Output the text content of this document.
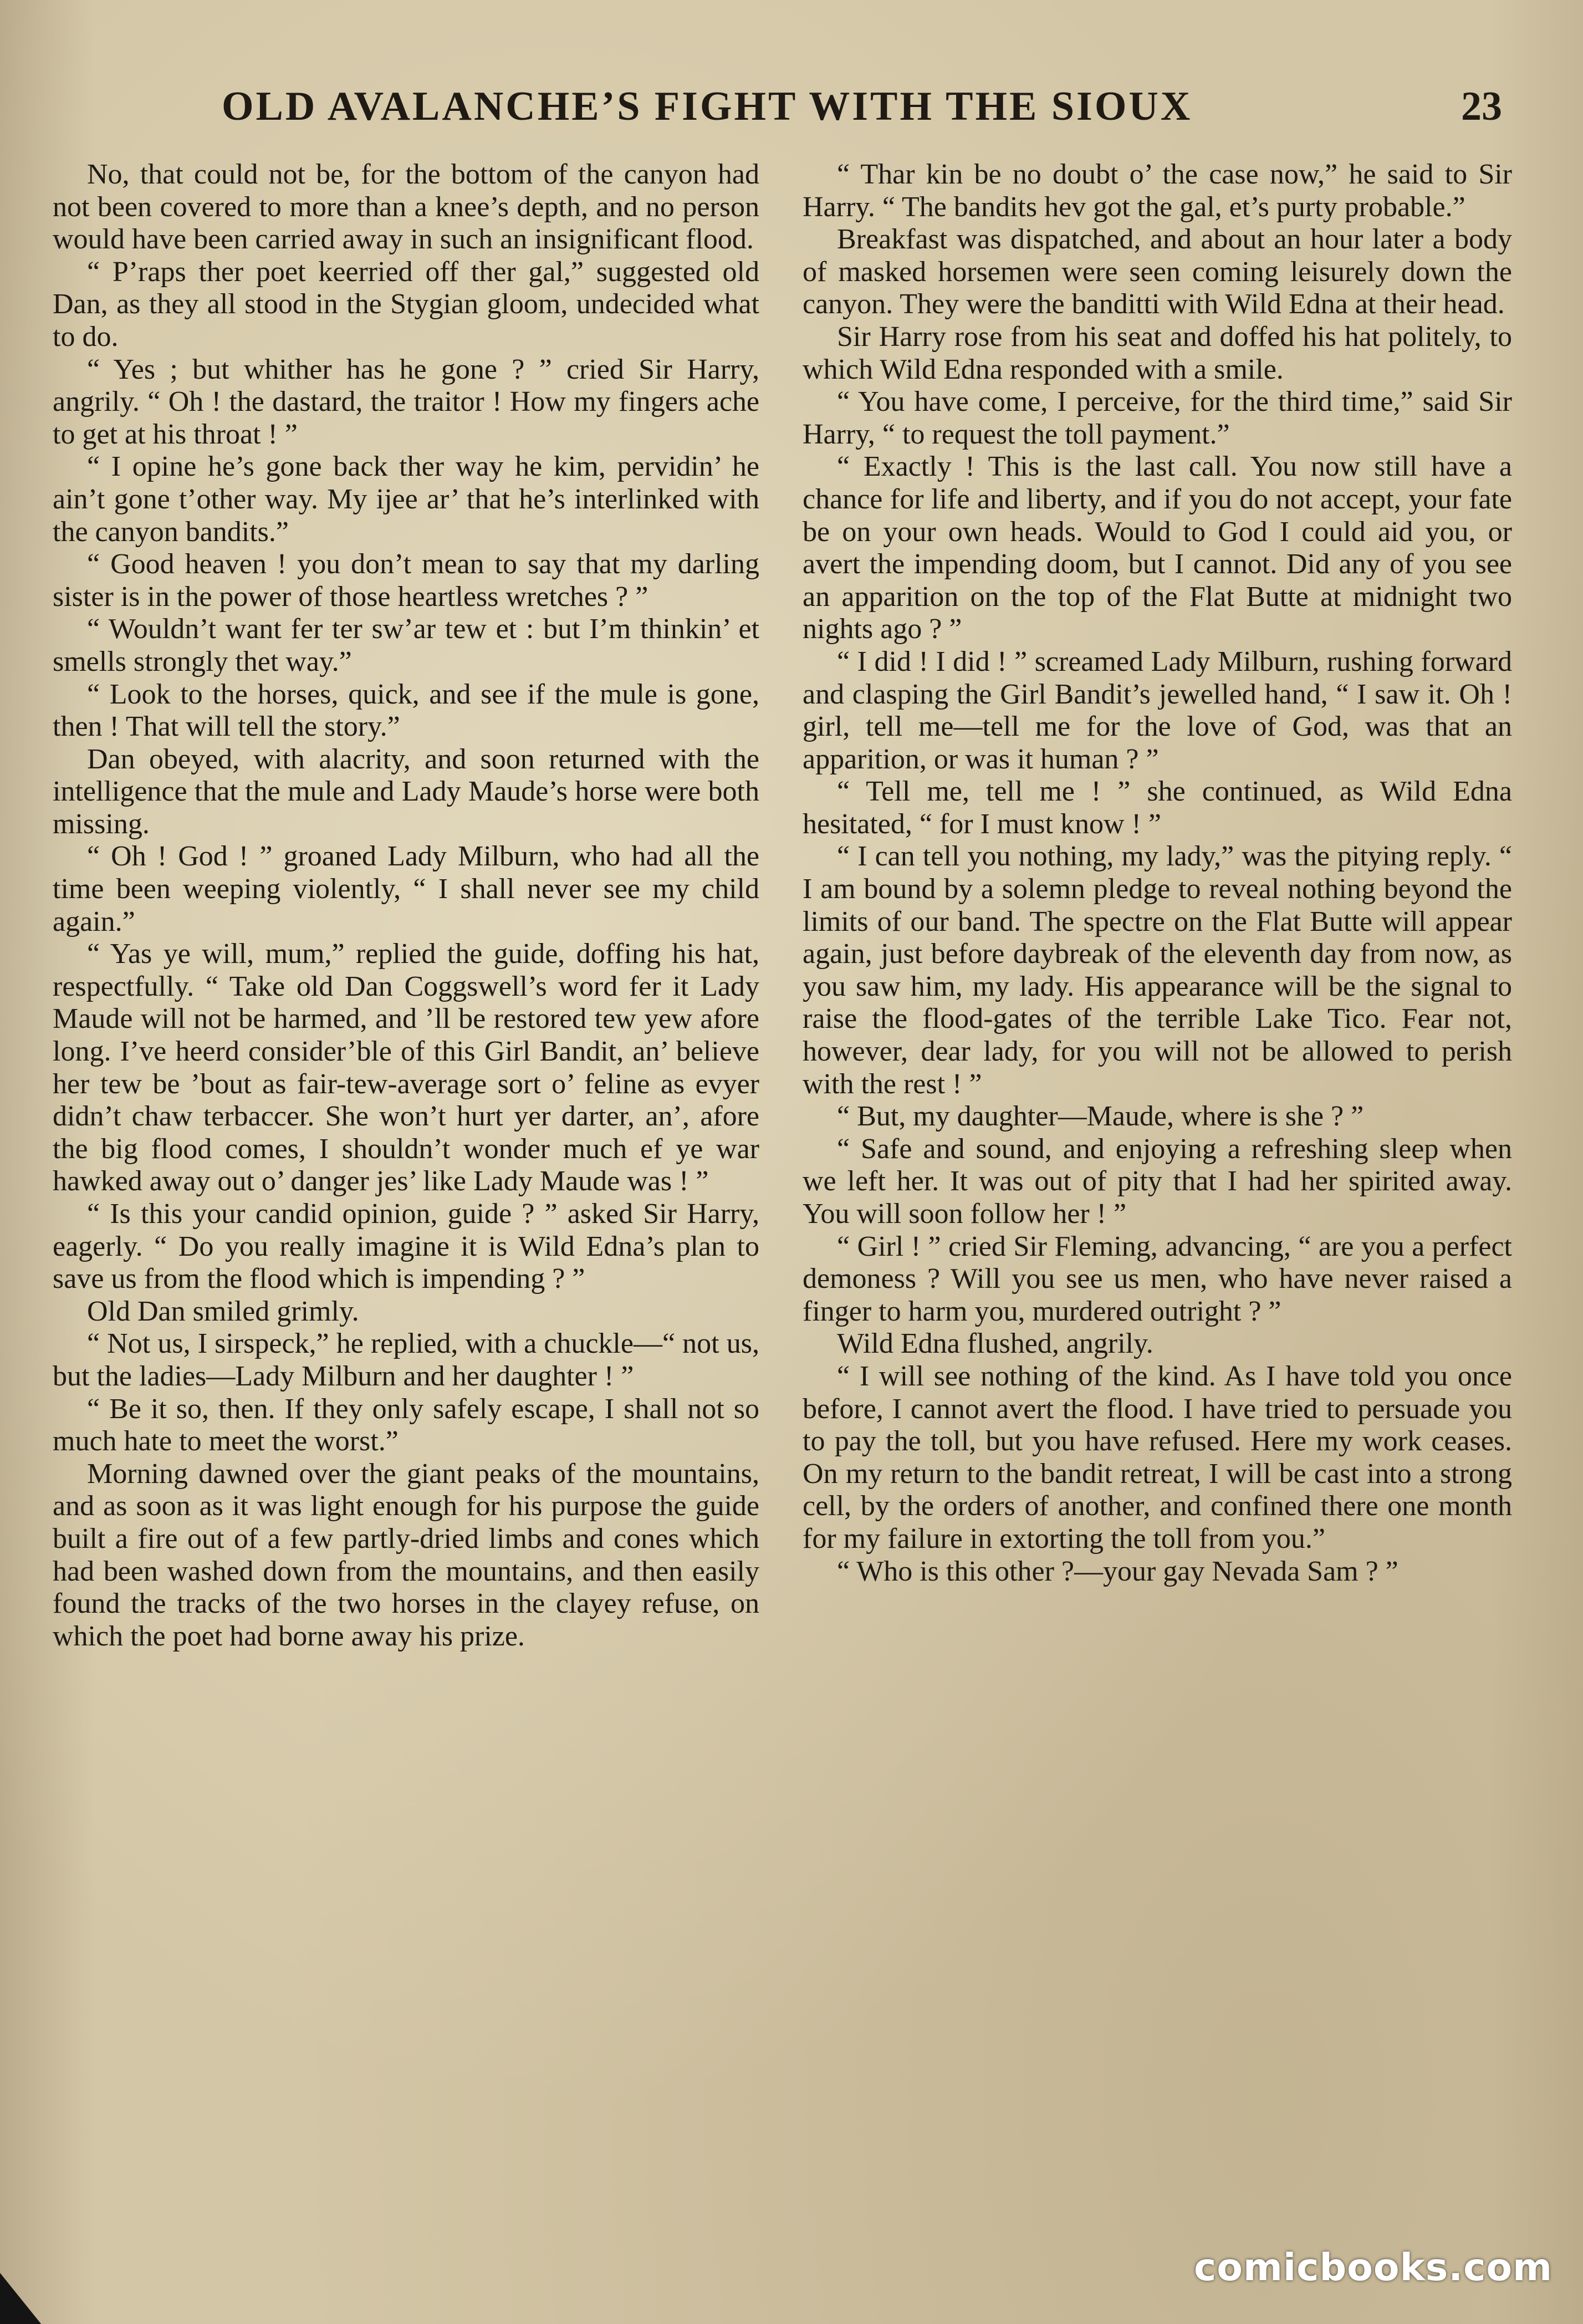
OLD AVALANCHE’S FIGHT WITH THE SIOUX	23

No, that could not be, for the bottom of the canyon had not been covered to more than a knee’s depth, and no person would have been carried away in such an insignificant flood.

“ P’raps ther poet keerried off ther gal,” suggested old Dan, as they all stood in the Stygian gloom, undecided what to do.

“ Yes ; but whither has he gone ? ” cried Sir Harry, angrily. “ Oh ! the dastard, the traitor ! How my fingers ache to get at his throat ! ”

“ I opine he’s gone back ther way he kim, pervidin’ he ain’t gone t’other way. My ijee ar’ that he’s interlinked with the canyon bandits.”

“ Good heaven ! you don’t mean to say that my darling sister is in the power of those heartless wretches ? ”

“ Wouldn’t want fer ter sw’ar tew et : but I’m thinkin’ et smells strongly thet way.”

“ Look to the horses, quick, and see if the mule is gone, then ! That will tell the story.”

Dan obeyed, with alacrity, and soon returned with the intelligence that the mule and Lady Maude’s horse were both missing.

“ Oh ! God ! ” groaned Lady Milburn, who had all the time been weeping violently, “ I shall never see my child again.”

“ Yas ye will, mum,” replied the guide, doffing his hat, respectfully. “ Take old Dan Coggswell’s word fer it Lady Maude will not be harmed, and ’ll be restored tew yew afore long. I’ve heerd consider’ble of this Girl Bandit, an’ believe her tew be ’bout as fair-tew-average sort o’ feline as evyer didn’t chaw terbaccer. She won’t hurt yer darter, an’, afore the big flood comes, I shouldn’t wonder much ef ye war hawked away out o’ danger jes’ like Lady Maude was ! ”

“ Is this your candid opinion, guide ? ” asked Sir Harry, eagerly. “ Do you really imagine it is Wild Edna’s plan to save us from the flood which is impending ? ”

Old Dan smiled grimly.

“ Not us, I sirspeck,” he replied, with a chuckle—“ not us, but the ladies—Lady Milburn and her daughter ! ”

“ Be it so, then. If they only safely escape, I shall not so much hate to meet the worst.”

Morning dawned over the giant peaks of the mountains, and as soon as it was light enough for his purpose the guide built a fire out of a few partly-dried limbs and cones which had been washed down from the mountains, and then easily found the tracks of the two horses in the clayey refuse, on which the poet had borne away his prize.

“ Thar kin be no doubt o’ the case now,” he said to Sir Harry. “ The bandits hev got the gal, et’s purty probable.”

Breakfast was dispatched, and about an hour later a body of masked horsemen were seen coming leisurely down the canyon. They were the banditti with Wild Edna at their head.

Sir Harry rose from his seat and doffed his hat politely, to which Wild Edna responded with a smile.

“ You have come, I perceive, for the third time,” said Sir Harry, “ to request the toll payment.”

“ Exactly ! This is the last call. You now still have a chance for life and liberty, and if you do not accept, your fate be on your own heads. Would to God I could aid you, or avert the impending doom, but I cannot. Did any of you see an apparition on the top of the Flat Butte at midnight two nights ago ? ”

“ I did ! I did ! ” screamed Lady Milburn, rushing forward and clasping the Girl Bandit’s jewelled hand, “ I saw it. Oh ! girl, tell me—tell me for the love of God, was that an apparition, or was it human ? ”

“ Tell me, tell me ! ” she continued, as Wild Edna hesitated, “ for I must know ! ”

“ I can tell you nothing, my lady,” was the pitying reply. “ I am bound by a solemn pledge to reveal nothing beyond the limits of our band. The spectre on the Flat Butte will appear again, just before daybreak of the eleventh day from now, as you saw him, my lady. His appearance will be the signal to raise the flood-gates of the terrible Lake Tico. Fear not, however, dear lady, for you will not be allowed to perish with the rest ! ”

“ But, my daughter—Maude, where is she ? ”

“ Safe and sound, and enjoying a refreshing sleep when we left her. It was out of pity that I had her spirited away. You will soon follow her ! ”

“ Girl ! ” cried Sir Fleming, advancing, “ are you a perfect demoness ? Will you see us men, who have never raised a finger to harm you, murdered outright ? ”

Wild Edna flushed, angrily.

“ I will see nothing of the kind. As I have told you once before, I cannot avert the flood. I have tried to persuade you to pay the toll, but you have refused. Here my work ceases. On my return to the bandit retreat, I will be cast into a strong cell, by the orders of another, and confined there one month for my failure in extorting the toll from you.”

“ Who is this other ?—your gay Nevada Sam ? ”

comicbooks.com
